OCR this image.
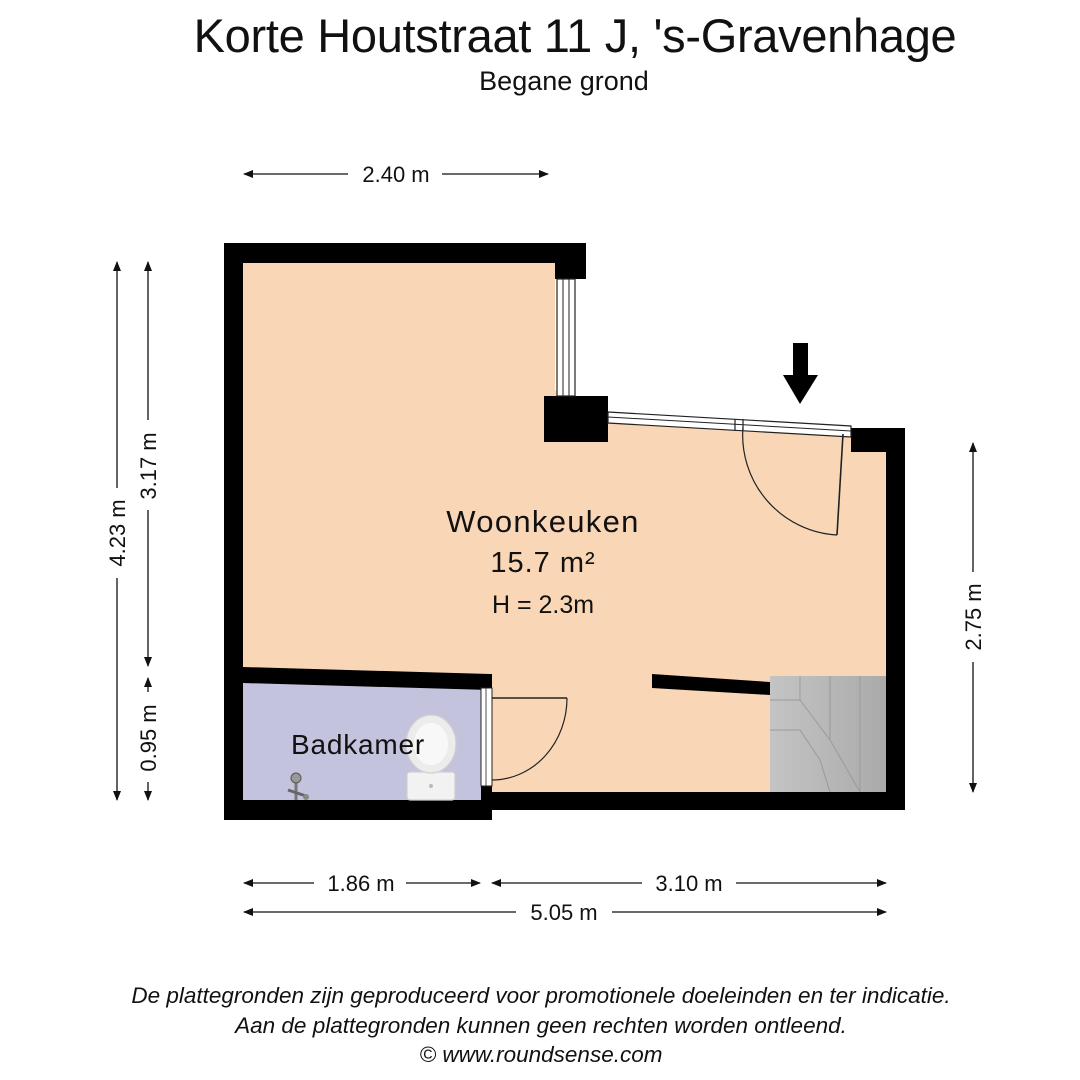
Korte Houtstraat 11 J, 's-Gravenhage
Begane grond
Woonkeuken
15.7 m²
H = 2.3m
Badkamer
2.40 m
4.23 m
3.17 m
0.95 m
2.75 m
1.86 m	3.10 m
5.05 m
De plattegronden zijn geproduceerd voor promotionele doeleinden en ter indicatie.
Aan de plattegronden kunnen geen rechten worden ontleend.
© www.roundsense.com
